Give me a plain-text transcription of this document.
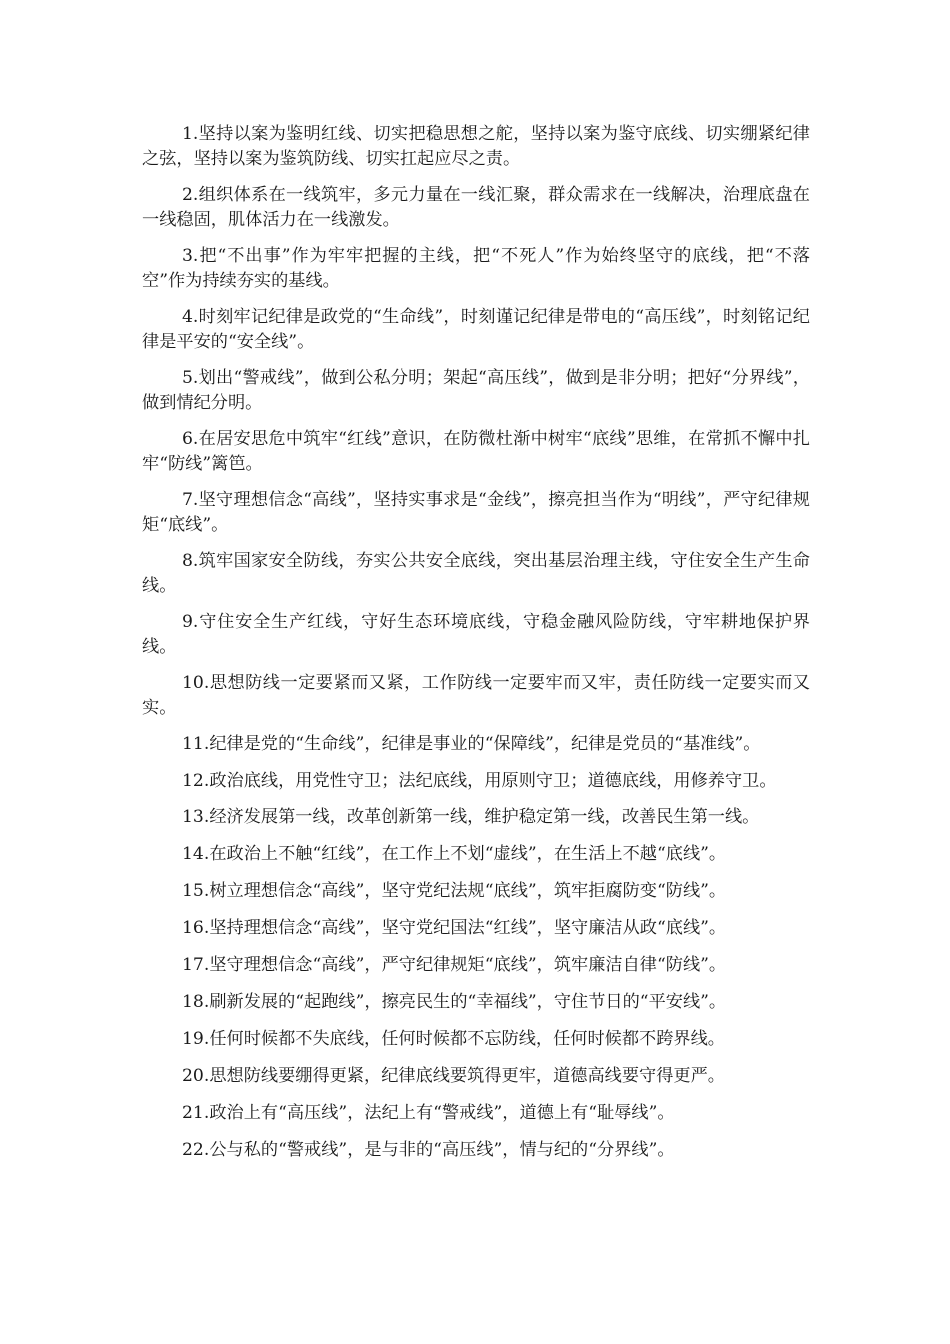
1.坚持以案为鉴明红线、切实把稳思想之舵，坚持以案为鉴守底线、切实绷紧纪律之弦，坚持以案为鉴筑防线、切实扛起应尽之责。

2.组织体系在一线筑牢，多元力量在一线汇聚，群众需求在一线解决，治理底盘在一线稳固，肌体活力在一线激发。

3.把“不出事”作为牢牢把握的主线，把“不死人”作为始终坚守的底线，把“不落空”作为持续夯实的基线。

4.时刻牢记纪律是政党的“生命线”，时刻谨记纪律是带电的“高压线”，时刻铭记纪律是平安的“安全线”。

5.划出“警戒线”，做到公私分明；架起“高压线”，做到是非分明；把好“分界线”，做到情纪分明。

6.在居安思危中筑牢“红线”意识，在防微杜渐中树牢“底线”思维，在常抓不懈中扎牢“防线”篱笆。

7.坚守理想信念“高线”，坚持实事求是“金线”，擦亮担当作为“明线”，严守纪律规矩“底线”。

8.筑牢国家安全防线，夯实公共安全底线，突出基层治理主线，守住安全生产生命线。

9.守住安全生产红线，守好生态环境底线，守稳金融风险防线，守牢耕地保护界线。

10.思想防线一定要紧而又紧，工作防线一定要牢而又牢，责任防线一定要实而又实。

11.纪律是党的“生命线”，纪律是事业的“保障线”，纪律是党员的“基准线”。

12.政治底线，用党性守卫；法纪底线，用原则守卫；道德底线，用修养守卫。

13.经济发展第一线，改革创新第一线，维护稳定第一线，改善民生第一线。

14.在政治上不触“红线”，在工作上不划“虚线”，在生活上不越“底线”。

15.树立理想信念“高线”，坚守党纪法规“底线”，筑牢拒腐防变“防线”。

16.坚持理想信念“高线”，坚守党纪国法“红线”，坚守廉洁从政“底线”。

17.坚守理想信念“高线”，严守纪律规矩“底线”，筑牢廉洁自律“防线”。

18.刷新发展的“起跑线”，擦亮民生的“幸福线”，守住节日的“平安线”。

19.任何时候都不失底线，任何时候都不忘防线，任何时候都不跨界线。

20.思想防线要绷得更紧，纪律底线要筑得更牢，道德高线要守得更严。

21.政治上有“高压线”，法纪上有“警戒线”，道德上有“耻辱线”。

22.公与私的“警戒线”，是与非的“高压线”，情与纪的“分界线”。
